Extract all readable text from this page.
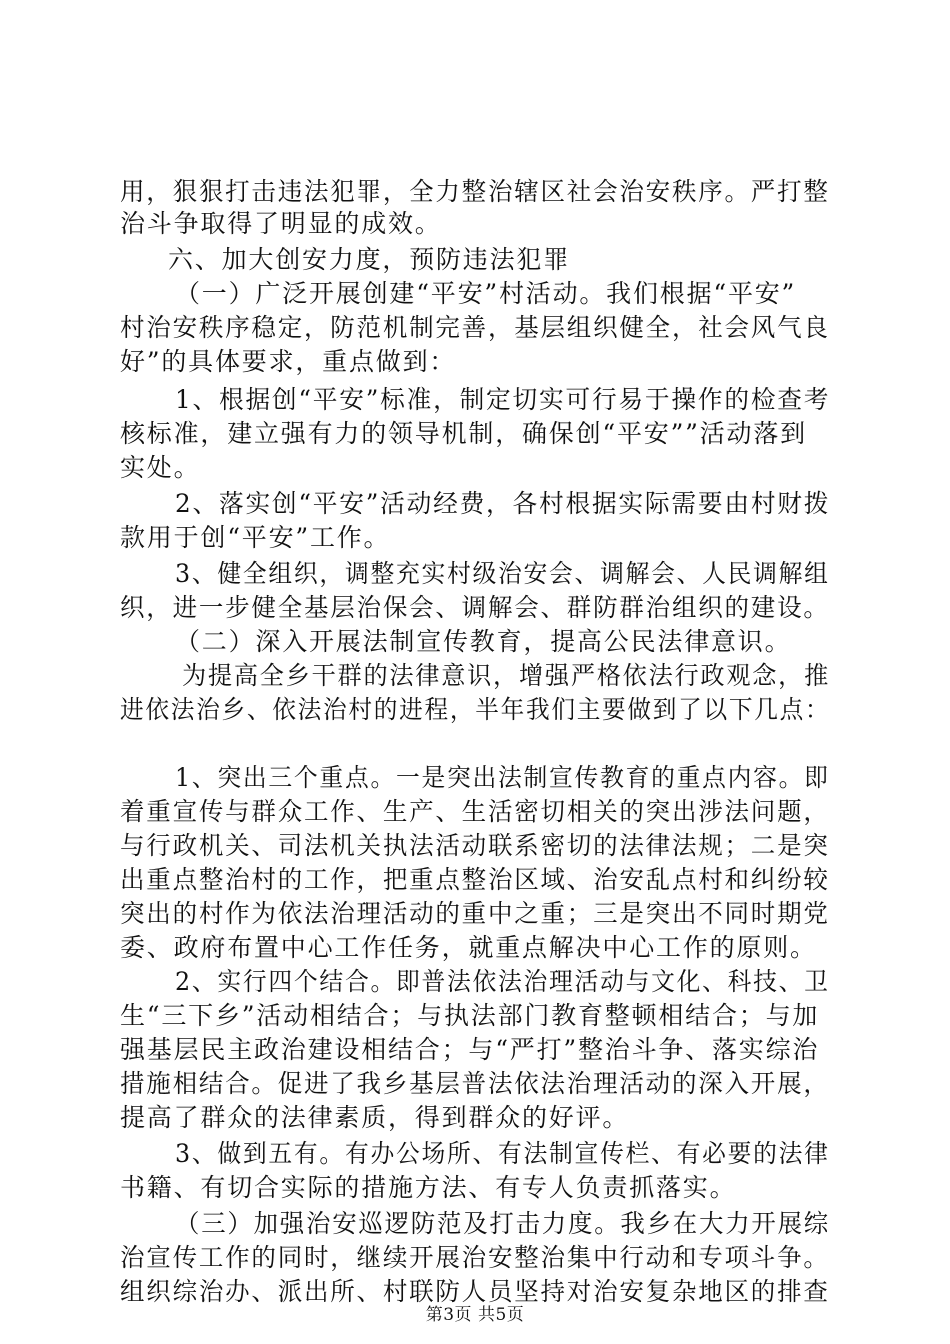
用，狠狠打击违法犯罪，全力整治辖区社会治安秩序。严打整
治斗争取得了明显的成效。
六、加大创安力度，预防违法犯罪
（一）广泛开展创建“平安”村活动。我们根据“平安”
村治安秩序稳定，防范机制完善，基层组织健全，社会风气良
好”的具体要求，重点做到：
1、根据创“平安”标准，制定切实可行易于操作的检查考
核标准，建立强有力的领导机制，确保创“平安””活动落到
实处。
2、落实创“平安”活动经费，各村根据实际需要由村财拨
款用于创“平安”工作。
3、健全组织，调整充实村级治安会、调解会、人民调解组
织，进一步健全基层治保会、调解会、群防群治组织的建设。
（二）深入开展法制宣传教育，提高公民法律意识。
为提高全乡干群的法律意识，增强严格依法行政观念，推
进依法治乡、依法治村的进程，半年我们主要做到了以下几点：
1、突出三个重点。一是突出法制宣传教育的重点内容。即
着重宣传与群众工作、生产、生活密切相关的突出涉法问题，
与行政机关、司法机关执法活动联系密切的法律法规；二是突
出重点整治村的工作，把重点整治区域、治安乱点村和纠纷较
突出的村作为依法治理活动的重中之重；三是突出不同时期党
委、政府布置中心工作任务，就重点解决中心工作的原则。
2、实行四个结合。即普法依法治理活动与文化、科技、卫
生“三下乡”活动相结合；与执法部门教育整顿相结合；与加
强基层民主政治建设相结合；与“严打”整治斗争、落实综治
措施相结合。促进了我乡基层普法依法治理活动的深入开展，
提高了群众的法律素质，得到群众的好评。
3、做到五有。有办公场所、有法制宣传栏、有必要的法律
书籍、有切合实际的措施方法、有专人负责抓落实。
（三）加强治安巡逻防范及打击力度。我乡在大力开展综
治宣传工作的同时，继续开展治安整治集中行动和专项斗争。
组织综治办、派出所、村联防人员坚持对治安复杂地区的排查
第3页 共5页
